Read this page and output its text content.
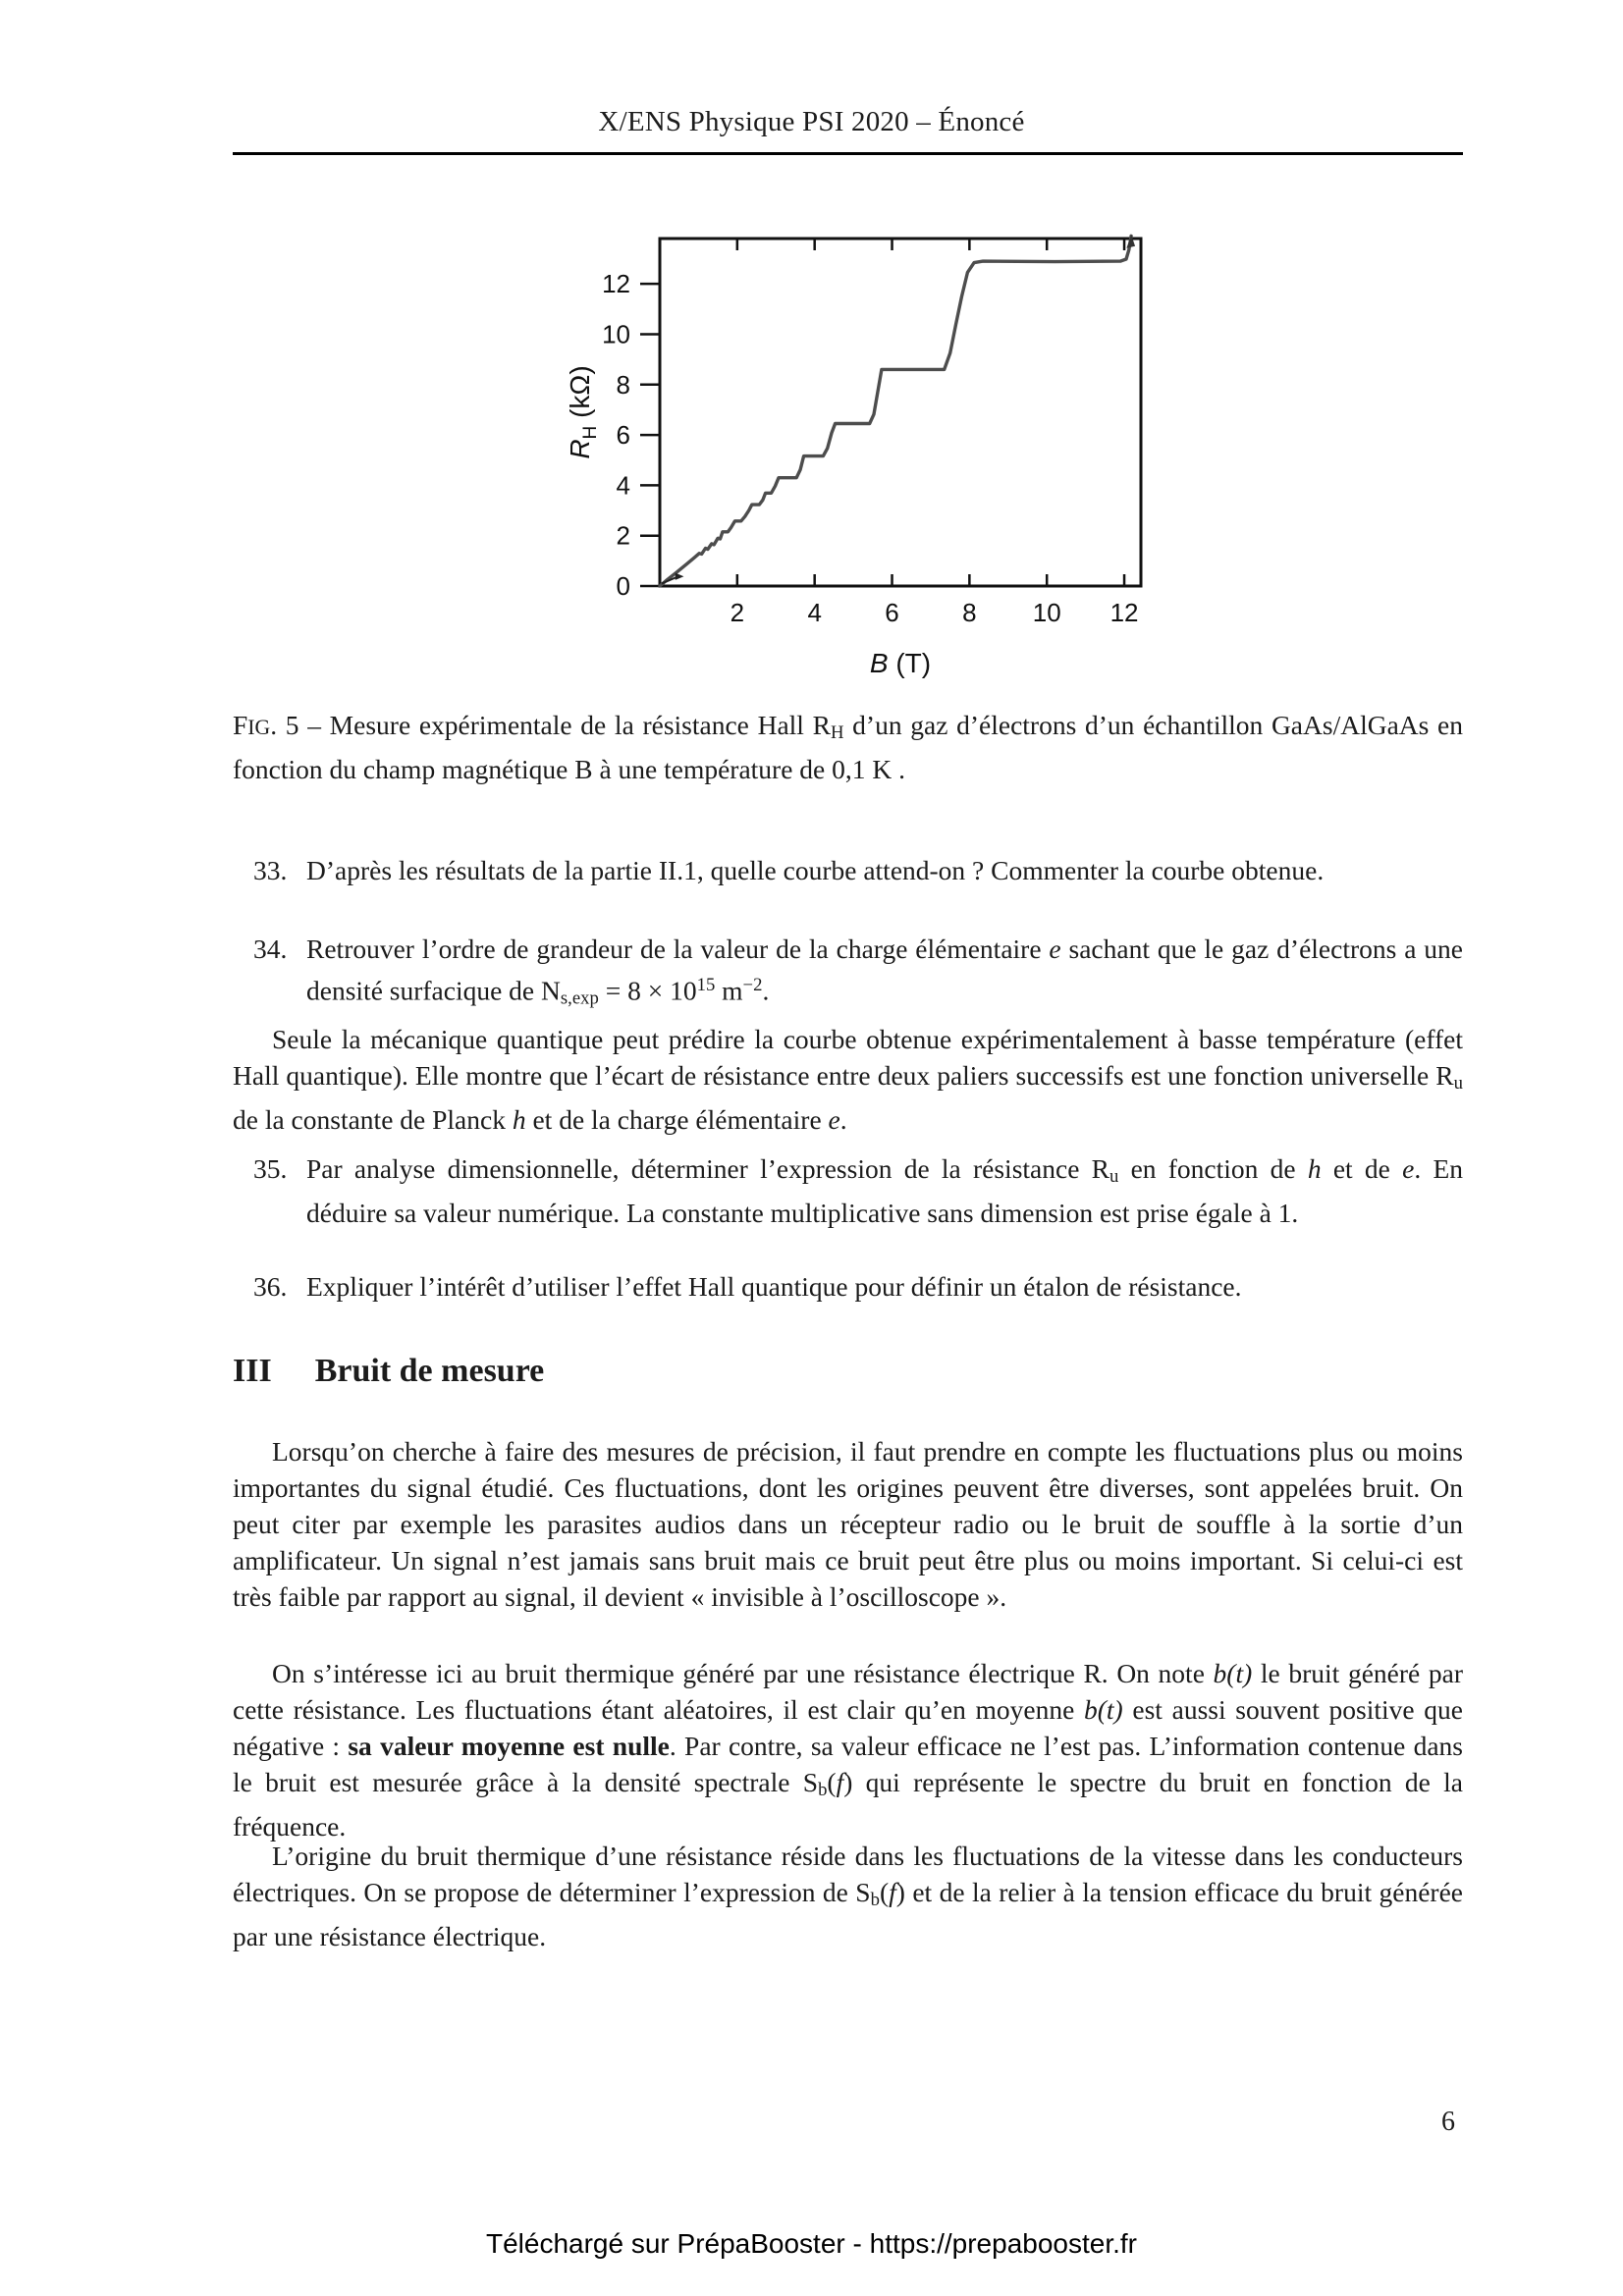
X/ENS Physique PSI 2020 – Énoncé
2 4 6 8 10 12
0
2
4
6
8
10
12
B (T)
$R_H$ (kΩ)
FIG. 5 – Mesure expérimentale de la résistance Hall $R_H$ d’un gaz d’électrons d’un échantillon GaAs/AlGaAs en fonction du champ magnétique B à une température de 0,1 K .
33. D’après les résultats de la partie II.1, quelle courbe attend-on ? Commenter la courbe obtenue.
34. Retrouver l’ordre de grandeur de la valeur de la charge élémentaire e sachant que le gaz d’électrons a une densité surfacique de $N_{s,exp} = 8 \times 10^{15}$ $m^{-2}$.
Seule la mécanique quantique peut prédire la courbe obtenue expérimentalement à basse température (effet Hall quantique). Elle montre que l’écart de résistance entre deux paliers successifs est une fonction universelle $R_u$ de la constante de Planck h et de la charge élémentaire e.
35. Par analyse dimensionnelle, déterminer l’expression de la résistance $R_u$ en fonction de h et de e. En déduire sa valeur numérique. La constante multiplicative sans dimension est prise égale à 1.
36. Expliquer l’intérêt d’utiliser l’effet Hall quantique pour définir un étalon de résistance.
III Bruit de mesure
Lorsqu’on cherche à faire des mesures de précision, il faut prendre en compte les fluctuations plus ou moins importantes du signal étudié. Ces fluctuations, dont les origines peuvent être diverses, sont appelées bruit. On peut citer par exemple les parasites audios dans un récepteur radio ou le bruit de souffle à la sortie d’un amplificateur. Un signal n’est jamais sans bruit mais ce bruit peut être plus ou moins important. Si celui-ci est très faible par rapport au signal, il devient « invisible à l’oscilloscope ».
On s’intéresse ici au bruit thermique généré par une résistance électrique R. On note b(t) le bruit généré par cette résistance. Les fluctuations étant aléatoires, il est clair qu’en moyenne b(t) est aussi souvent positive que négative : sa valeur moyenne est nulle. Par contre, sa valeur efficace ne l’est pas. L’information contenue dans le bruit est mesurée grâce à la densité spectrale $S_b(f)$ qui représente le spectre du bruit en fonction de la fréquence.
L’origine du bruit thermique d’une résistance réside dans les fluctuations de la vitesse dans les conducteurs électriques. On se propose de déterminer l’expression de $S_b(f)$ et de la relier à la tension efficace du bruit générée par une résistance électrique.
6
Téléchargé sur PrépaBooster - https://prepabooster.fr
